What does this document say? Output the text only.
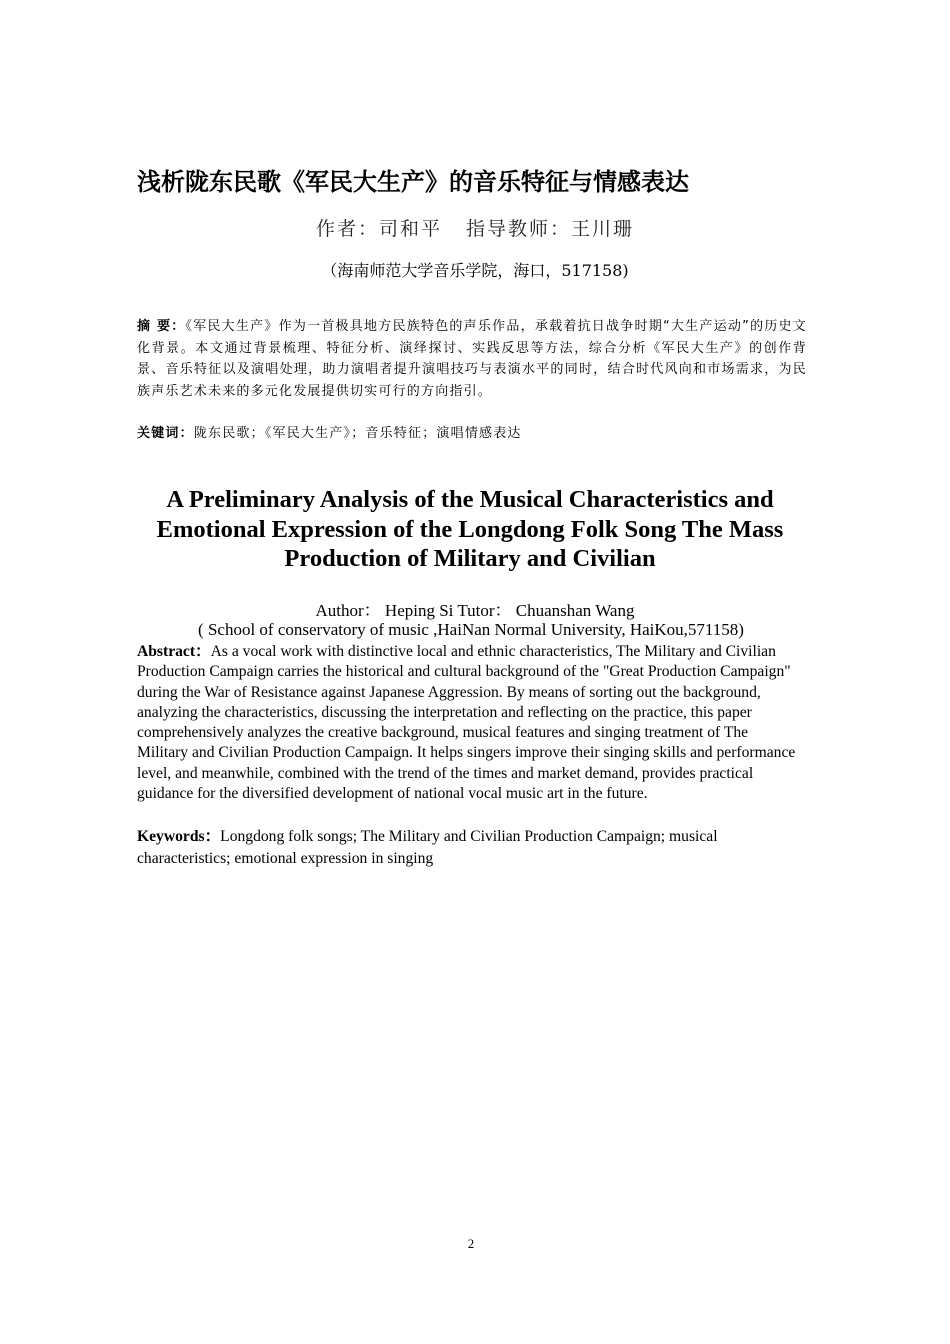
浅析陇东民歌《军民大生产》的音乐特征与情感表达
作者：司和平 指导教师：王川珊
（海南师范大学音乐学院，海口，517158)
摘 要：《军民大生产》作为一首极具地方民族特色的声乐作品，承载着抗日战争时期“大生产运动”的历史文化背景。本文通过背景梳理、特征分析、演绎探讨、实践反思等方法，综合分析《军民大生产》的创作背景、音乐特征以及演唱处理，助力演唱者提升演唱技巧与表演水平的同时，结合时代风向和市场需求，为民族声乐艺术未来的多元化发展提供切实可行的方向指引。
关键词：陇东民歌；《军民大生产》；音乐特征；演唱情感表达
A Preliminary Analysis of the Musical Characteristics and Emotional Expression of the Longdong Folk Song The Mass Production of Military and Civilian
Author： Heping Si Tutor： Chuanshan Wang
( School of conservatory of music ,HaiNan Normal University, HaiKou,571158)
Abstract：As a vocal work with distinctive local and ethnic characteristics, The Military and Civilian Production Campaign carries the historical and cultural background of the "Great Production Campaign" during the War of Resistance against Japanese Aggression. By means of sorting out the background, analyzing the characteristics, discussing the interpretation and reflecting on the practice, this paper comprehensively analyzes the creative background, musical features and singing treatment of The Military and Civilian Production Campaign. It helps singers improve their singing skills and performance level, and meanwhile, combined with the trend of the times and market demand, provides practical guidance for the diversified development of national vocal music art in the future.
Keywords：Longdong folk songs; The Military and Civilian Production Campaign; musical characteristics; emotional expression in singing
2
